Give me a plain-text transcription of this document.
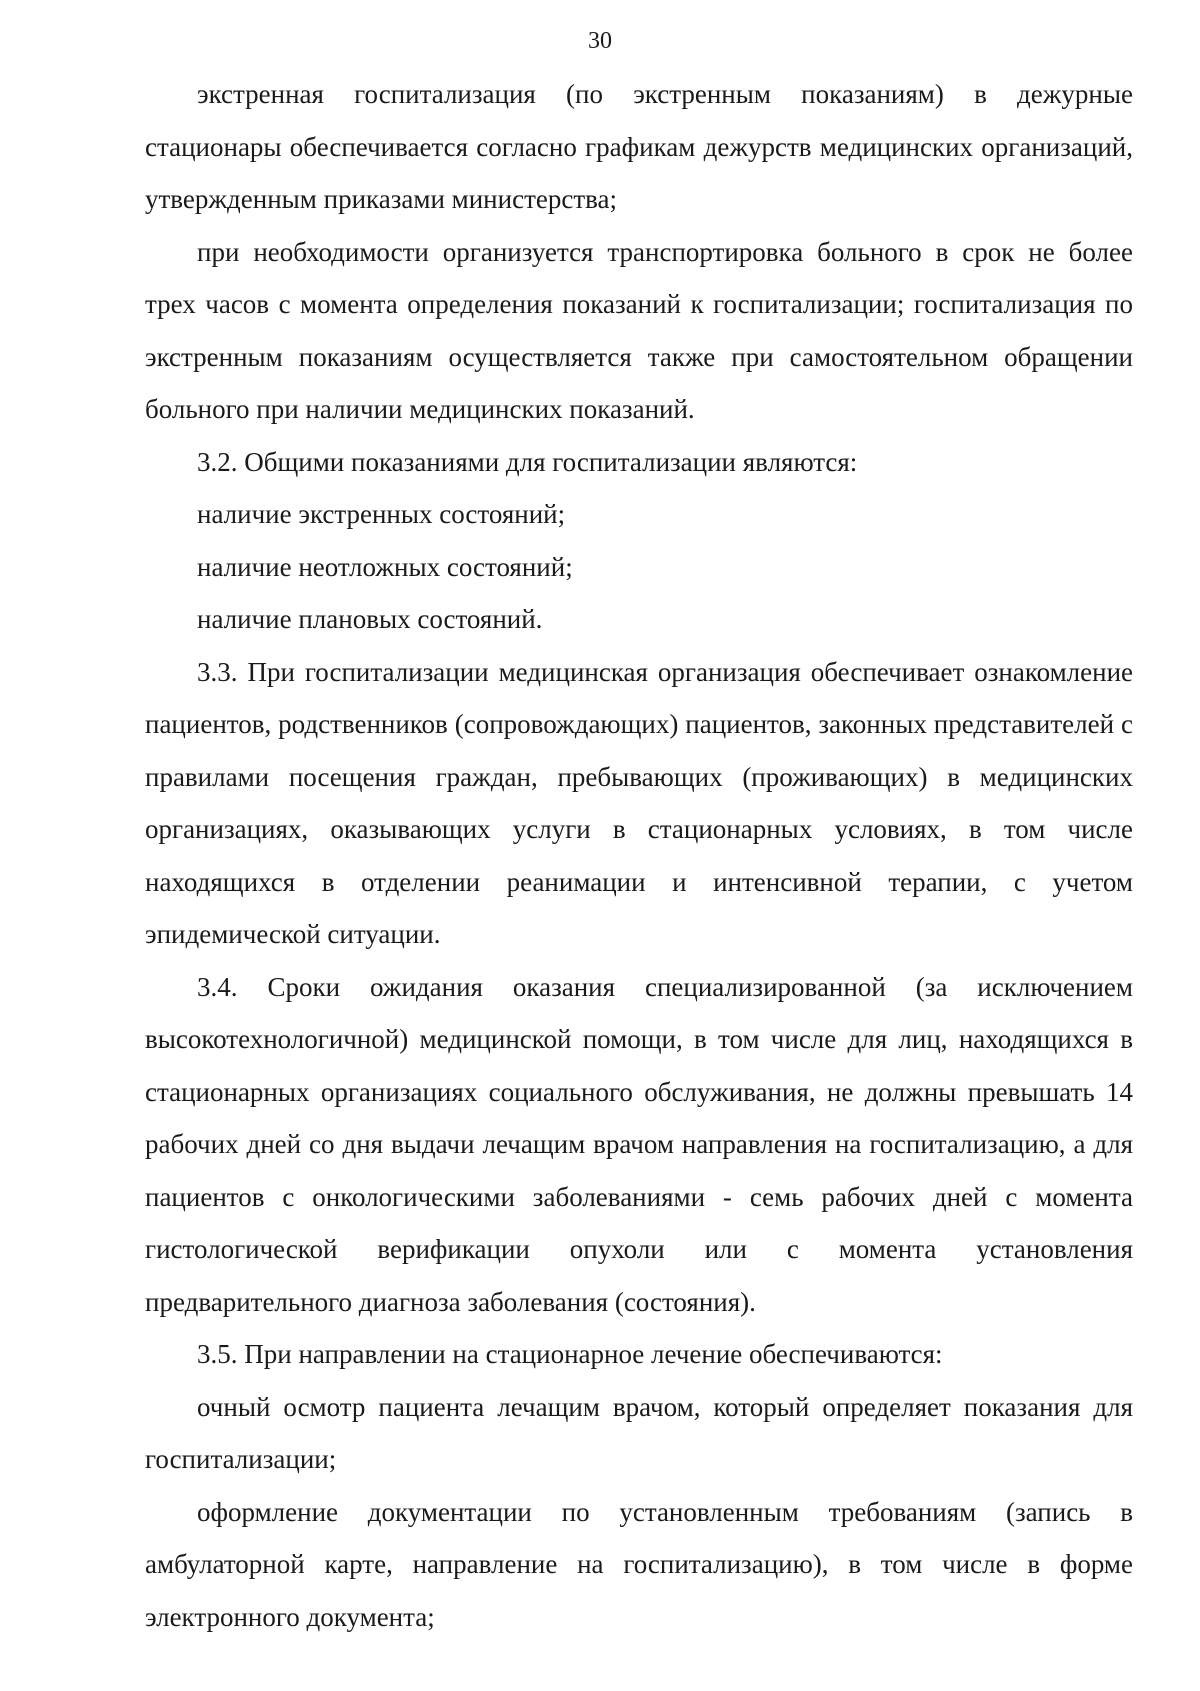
30

экстренная госпитализация (по экстренным показаниям) в дежурные стационары обеспечивается согласно графикам дежурств медицинских организаций, утвержденным приказами министерства;

при необходимости организуется транспортировка больного в срок не более трех часов с момента определения показаний к госпитализации; госпитализация по экстренным показаниям осуществляется также при самостоятельном обращении больного при наличии медицинских показаний.

3.2. Общими показаниями для госпитализации являются:

наличие экстренных состояний;

наличие неотложных состояний;

наличие плановых состояний.

3.3. При госпитализации медицинская организация обеспечивает ознакомление пациентов, родственников (сопровождающих) пациентов, законных представителей с правилами посещения граждан, пребывающих (проживающих) в медицинских организациях, оказывающих услуги в стационарных условиях, в том числе находящихся в отделении реанимации и интенсивной терапии, с учетом эпидемической ситуации.

3.4. Сроки ожидания оказания специализированной (за исключением высокотехнологичной) медицинской помощи, в том числе для лиц, находящихся в стационарных организациях социального обслуживания, не должны превышать 14 рабочих дней со дня выдачи лечащим врачом направления на госпитализацию, а для пациентов с онкологическими заболеваниями - семь рабочих дней с момента гистологической верификации опухоли или с момента установления предварительного диагноза заболевания (состояния).

3.5. При направлении на стационарное лечение обеспечиваются:

очный осмотр пациента лечащим врачом, который определяет показания для госпитализации;

оформление документации по установленным требованиям (запись в амбулаторной карте, направление на госпитализацию), в том числе в форме электронного документа;
